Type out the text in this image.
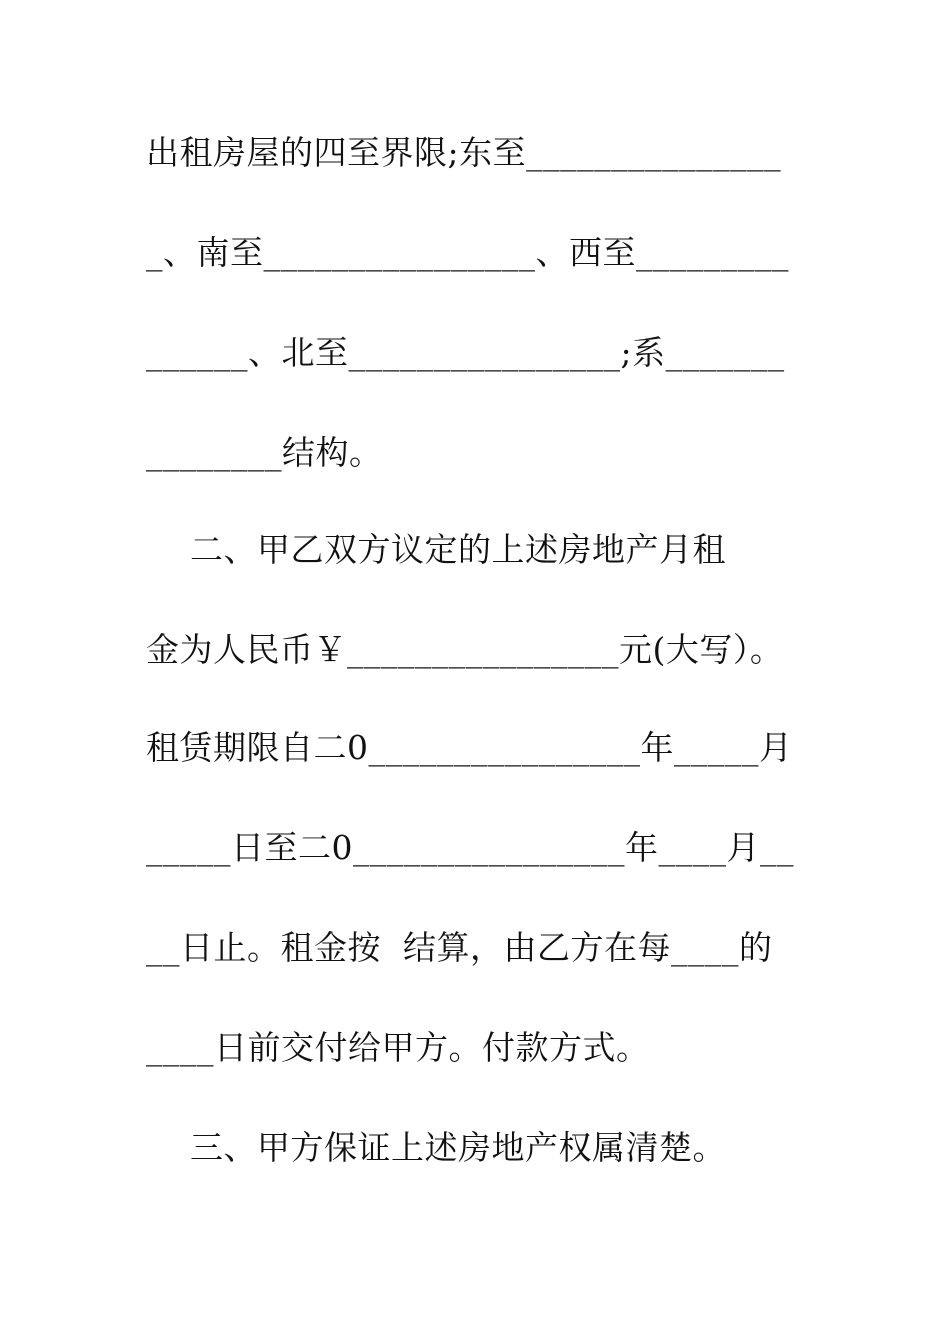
出租房屋的四至界限;东至_______________
_、南至________________、西至_________
______、北至________________;系_______
________结构。
二、甲乙双方议定的上述房地产月租
金为人民币￥________________元(大写）。
租赁期限自二0________________年_____月
_____日至二0________________年____月__
__日止。租金按  结算，由乙方在每____的
____日前交付给甲方。付款方式。
三、甲方保证上述房地产权属清楚。
